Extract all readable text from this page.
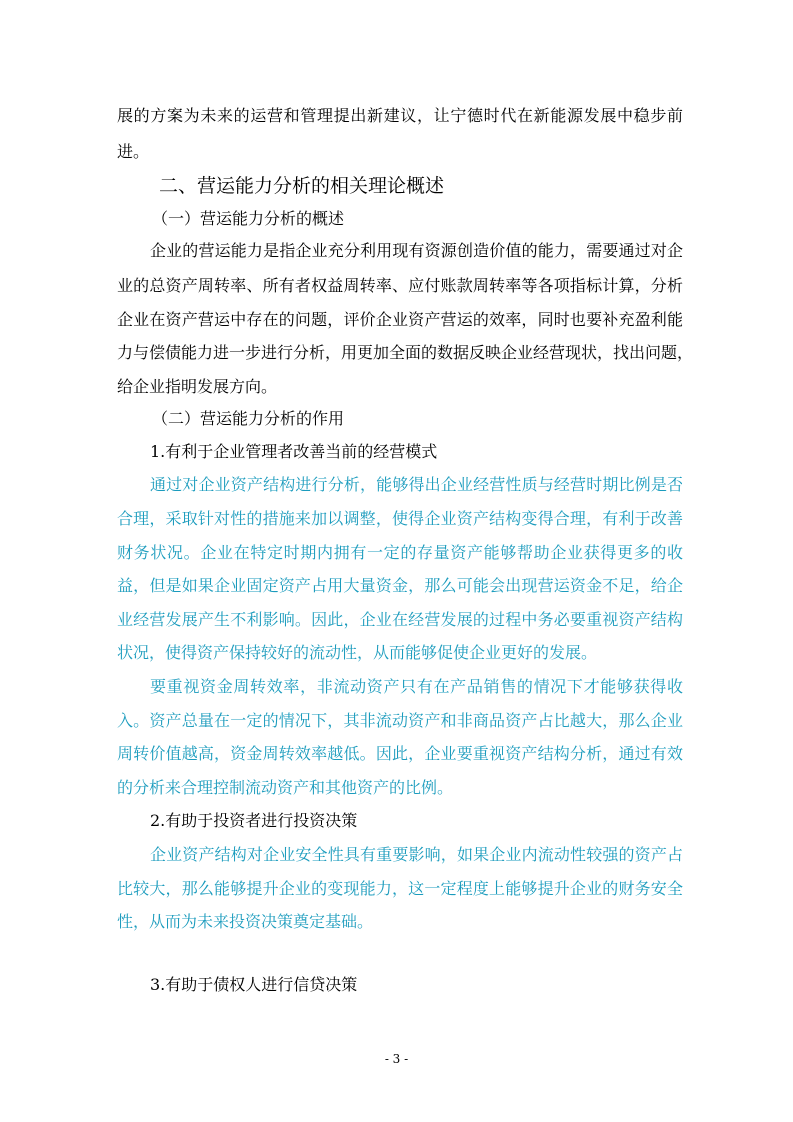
展的方案为未来的运营和管理提出新建议，让宁德时代在新能源发展中稳步前
进。
二、营运能力分析的相关理论概述
（一）营运能力分析的概述
企业的营运能力是指企业充分利用现有资源创造价值的能力，需要通过对企
业的总资产周转率、所有者权益周转率、应付账款周转率等各项指标计算，分析
企业在资产营运中存在的问题，评价企业资产营运的效率，同时也要补充盈利能
力与偿债能力进一步进行分析，用更加全面的数据反映企业经营现状，找出问题，
给企业指明发展方向。
（二）营运能力分析的作用
1.有利于企业管理者改善当前的经营模式
通过对企业资产结构进行分析，能够得出企业经营性质与经营时期比例是否
合理，采取针对性的措施来加以调整，使得企业资产结构变得合理，有利于改善
财务状况。企业在特定时期内拥有一定的存量资产能够帮助企业获得更多的收
益，但是如果企业固定资产占用大量资金，那么可能会出现营运资金不足，给企
业经营发展产生不利影响。因此，企业在经营发展的过程中务必要重视资产结构
状况，使得资产保持较好的流动性，从而能够促使企业更好的发展。
要重视资金周转效率，非流动资产只有在产品销售的情况下才能够获得收
入。资产总量在一定的情况下，其非流动资产和非商品资产占比越大，那么企业
周转价值越高，资金周转效率越低。因此，企业要重视资产结构分析，通过有效
的分析来合理控制流动资产和其他资产的比例。
2.有助于投资者进行投资决策
企业资产结构对企业安全性具有重要影响，如果企业内流动性较强的资产占
比较大，那么能够提升企业的变现能力，这一定程度上能够提升企业的财务安全
性，从而为未来投资决策奠定基础。
3.有助于债权人进行信贷决策
- 3 -
